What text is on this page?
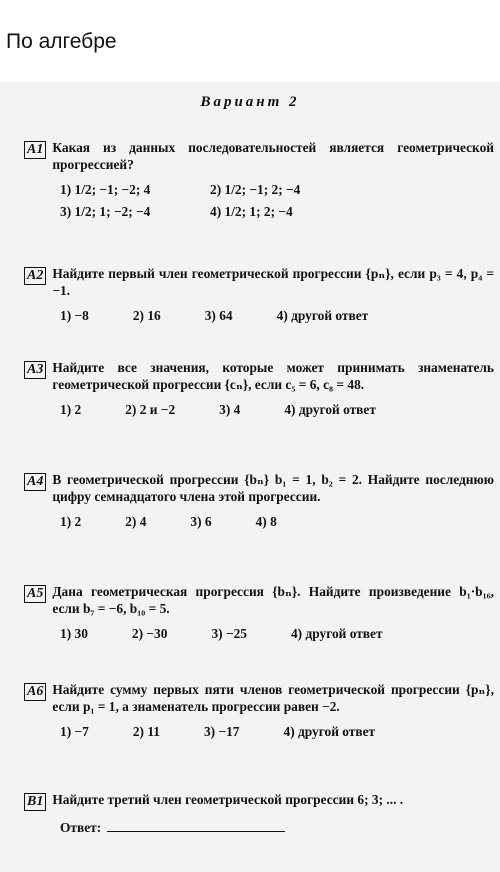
По алгебре
Вариант 2
A1 Какая из данных последовательностей является геометрической прогрессией?
1) 1/2; −1; −2; 4	2) 1/2; −1; 2; −4
3) 1/2; 1; −2; −4	4) 1/2; 1; 2; −4
A2 Найдите первый член геометрической прогрессии {pₙ}, если p₃ = 4, p₄ = −1.
1) −8	2) 16	3) 64	4) другой ответ
A3 Найдите все значения, которые может принимать знаменатель геометрической прогрессии {cₙ}, если c₅ = 6, c₈ = 48.
1) 2	2) 2 и −2	3) 4	4) другой ответ
A4 В геометрической прогрессии {bₙ} b₁ = 1, b₂ = 2. Найдите последнюю цифру семнадцатого члена этой прогрессии.
1) 2	2) 4	3) 6	4) 8
A5 Дана геометрическая прогрессия {bₙ}. Найдите произведение b₁·b₁₆, если b₇ = −6, b₁₀ = 5.
1) 30	2) −30	3) −25	4) другой ответ
A6 Найдите сумму первых пяти членов геометрической прогрессии {pₙ}, если p₁ = 1, а знаменатель прогрессии равен −2.
1) −7	2) 11	3) −17	4) другой ответ
B1 Найдите третий член геометрической прогрессии 6; 3; ... .
Ответ:
